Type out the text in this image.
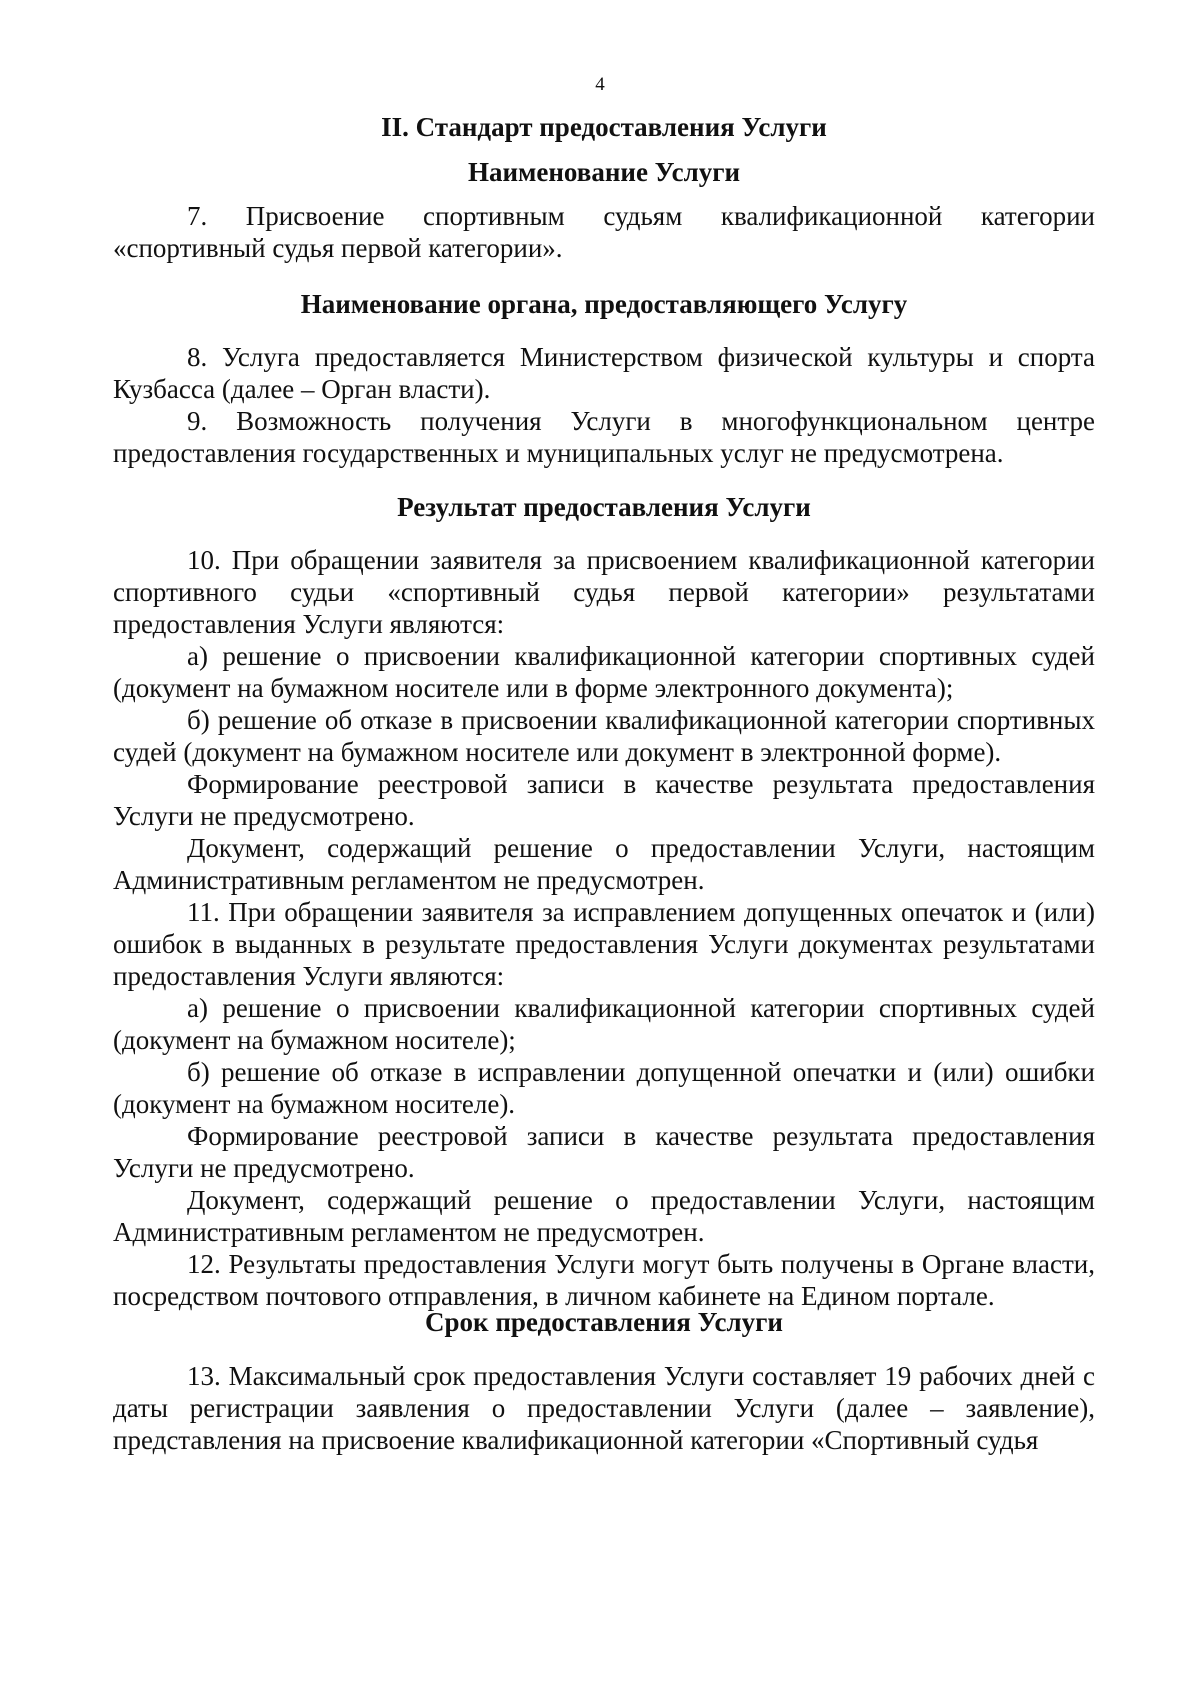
4

II. Стандарт предоставления Услуги

Наименование Услуги

7. Присвоение спортивным судьям квалификационной категории «спортивный судья первой категории».

Наименование органа, предоставляющего Услугу

8. Услуга предоставляется Министерством физической культуры и спорта Кузбасса (далее – Орган власти).

9. Возможность получения Услуги в многофункциональном центре предоставления государственных и муниципальных услуг не предусмотрена.

Результат предоставления Услуги

10. При обращении заявителя за присвоением квалификационной категории спортивного судьи «спортивный судья первой категории» результатами предоставления Услуги являются:

а) решение о присвоении квалификационной категории спортивных судей (документ на бумажном носителе или в форме электронного документа);

б) решение об отказе в присвоении квалификационной категории спортивных судей (документ на бумажном носителе или документ в электронной форме).

Формирование реестровой записи в качестве результата предоставления Услуги не предусмотрено.

Документ, содержащий решение о предоставлении Услуги, настоящим Административным регламентом не предусмотрен.

11. При обращении заявителя за исправлением допущенных опечаток и (или) ошибок в выданных в результате предоставления Услуги документах результатами предоставления Услуги являются:

а) решение о присвоении квалификационной категории спортивных судей (документ на бумажном носителе);

б) решение об отказе в исправлении допущенной опечатки и (или) ошибки (документ на бумажном носителе).

Формирование реестровой записи в качестве результата предоставления Услуги не предусмотрено.

Документ, содержащий решение о предоставлении Услуги, настоящим Административным регламентом не предусмотрен.

12. Результаты предоставления Услуги могут быть получены в Органе власти, посредством почтового отправления, в личном кабинете на Едином портале.

Срок предоставления Услуги

13. Максимальный срок предоставления Услуги составляет 19 рабочих дней с даты регистрации заявления о предоставлении Услуги (далее – заявление), представления на присвоение квалификационной категории «Спортивный судья
